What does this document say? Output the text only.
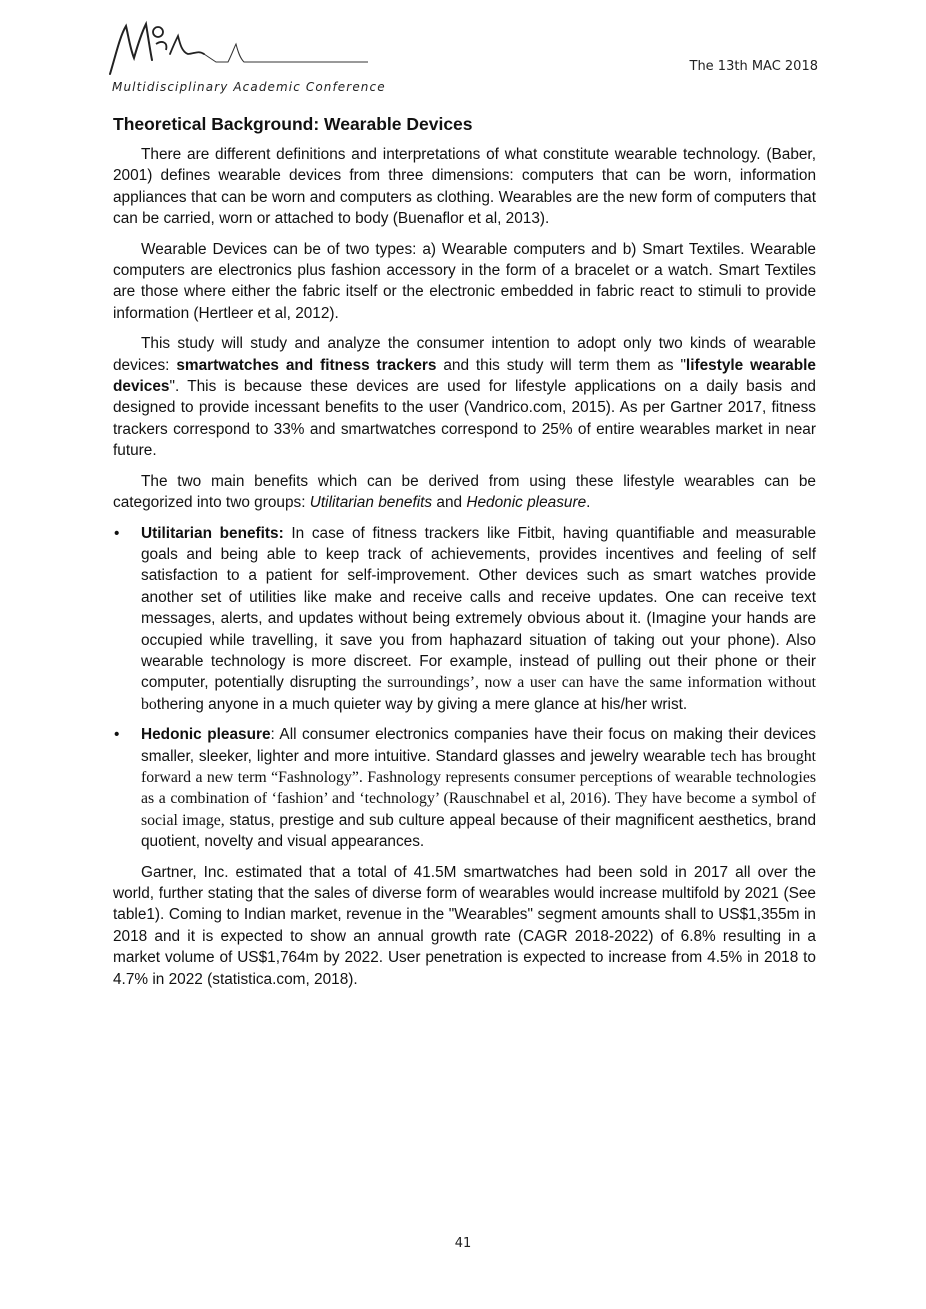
Multidisciplinary Academic Conference
The 13th MAC 2018
Theoretical Background: Wearable Devices

There are different definitions and interpretations of what constitute wearable technology. (Baber, 2001) defines wearable devices from three dimensions: computers that can be worn, information appliances that can be worn and computers as clothing. Wearables are the new form of computers that can be carried, worn or attached to body (Buenaflor et al, 2013).

Wearable Devices can be of two types: a) Wearable computers and b) Smart Textiles. Wearable computers are electronics plus fashion accessory in the form of a bracelet or a watch. Smart Textiles are those where either the fabric itself or the electronic embedded in fabric react to stimuli to provide information (Hertleer et al, 2012).

This study will study and analyze the consumer intention to adopt only two kinds of wearable devices: smartwatches and fitness trackers and this study will term them as "lifestyle wearable devices". This is because these devices are used for lifestyle applications on a daily basis and designed to provide incessant benefits to the user (Vandrico.com, 2015). As per Gartner 2017, fitness trackers correspond to 33% and smartwatches correspond to 25% of entire wearables market in near future.

The two main benefits which can be derived from using these lifestyle wearables can be categorized into two groups: Utilitarian benefits and Hedonic pleasure.

• Utilitarian benefits: In case of fitness trackers like Fitbit, having quantifiable and measurable goals and being able to keep track of achievements, provides incentives and feeling of self satisfaction to a patient for self-improvement. Other devices such as smart watches provide another set of utilities like make and receive calls and receive updates. One can receive text messages, alerts, and updates without being extremely obvious about it. (Imagine your hands are occupied while travelling, it save you from haphazard situation of taking out your phone). Also wearable technology is more discreet. For example, instead of pulling out their phone or their computer, potentially disrupting the surroundings’, now a user can have the same information without bothering anyone in a much quieter way by giving a mere glance at his/her wrist.
• Hedonic pleasure: All consumer electronics companies have their focus on making their devices smaller, sleeker, lighter and more intuitive. Standard glasses and jewelry wearable tech has brought forward a new term “Fashnology”. Fashnology represents consumer perceptions of wearable technologies as a combination of ‘fashion’ and ‘technology’ (Rauschnabel et al, 2016). They have become a symbol of social image, status, prestige and sub culture appeal because of their magnificent aesthetics, brand quotient, novelty and visual appearances.

Gartner, Inc. estimated that a total of 41.5M smartwatches had been sold in 2017 all over the world, further stating that the sales of diverse form of wearables would increase multifold by 2021 (See table1). Coming to Indian market, revenue in the "Wearables" segment amounts shall to US$1,355m in 2018 and it is expected to show an annual growth rate (CAGR 2018-2022) of 6.8% resulting in a market volume of US$1,764m by 2022. User penetration is expected to increase from 4.5% in 2018 to 4.7% in 2022 (statistica.com, 2018).

41
